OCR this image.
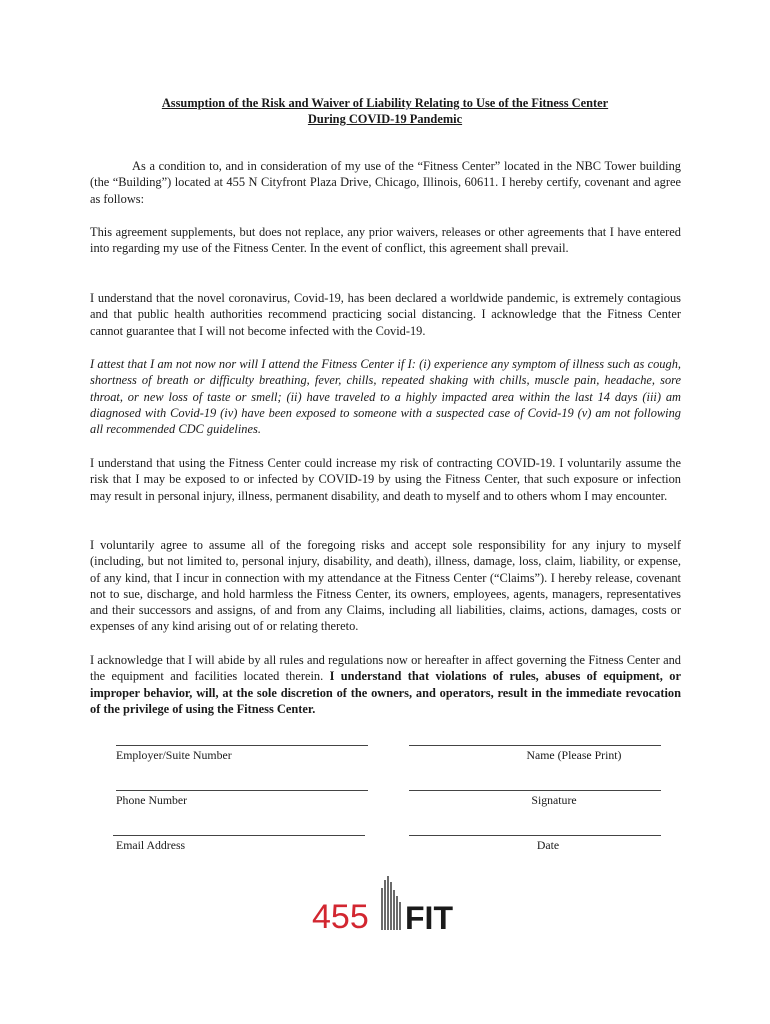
Assumption of the Risk and Waiver of Liability Relating to Use of the Fitness Center
During COVID-19 Pandemic

As a condition to, and in consideration of my use of the “Fitness Center” located in the NBC Tower building (the “Building”) located at 455 N Cityfront Plaza Drive, Chicago, Illinois, 60611. I hereby certify, covenant and agree as follows:

This agreement supplements, but does not replace, any prior waivers, releases or other agreements that I have entered into regarding my use of the Fitness Center. In the event of conflict, this agreement shall prevail.

I understand that the novel coronavirus, Covid-19, has been declared a worldwide pandemic, is extremely contagious and that public health authorities recommend practicing social distancing. I acknowledge that the Fitness Center cannot guarantee that I will not become infected with the Covid-19.

I attest that I am not now nor will I attend the Fitness Center if I: (i) experience any symptom of illness such as cough, shortness of breath or difficulty breathing, fever, chills, repeated shaking with chills, muscle pain, headache, sore throat, or new loss of taste or smell; (ii) have traveled to a highly impacted area within the last 14 days (iii) am diagnosed with Covid-19 (iv) have been exposed to someone with a suspected case of Covid-19 (v) am not following all recommended CDC guidelines.

I understand that using the Fitness Center could increase my risk of contracting COVID-19. I voluntarily assume the risk that I may be exposed to or infected by COVID-19 by using the Fitness Center, that such exposure or infection may result in personal injury, illness, permanent disability, and death to myself and to others whom I may encounter.

I voluntarily agree to assume all of the foregoing risks and accept sole responsibility for any injury to myself (including, but not limited to, personal injury, disability, and death), illness, damage, loss, claim, liability, or expense, of any kind, that I incur in connection with my attendance at the Fitness Center (“Claims”). I hereby release, covenant not to sue, discharge, and hold harmless the Fitness Center, its owners, employees, agents, managers, representatives and their successors and assigns, of and from any Claims, including all liabilities, claims, actions, damages, costs or expenses of any kind arising out of or relating thereto.

I acknowledge that I will abide by all rules and regulations now or hereafter in affect governing the Fitness Center and the equipment and facilities located therein. I understand that violations of rules, abuses of equipment, or improper behavior, will, at the sole discretion of the owners, and operators, result in the immediate revocation of the privilege of using the Fitness Center.

Employer/Suite Number	Name (Please Print)
Phone Number	Signature
Email Address	Date
455 FIT
